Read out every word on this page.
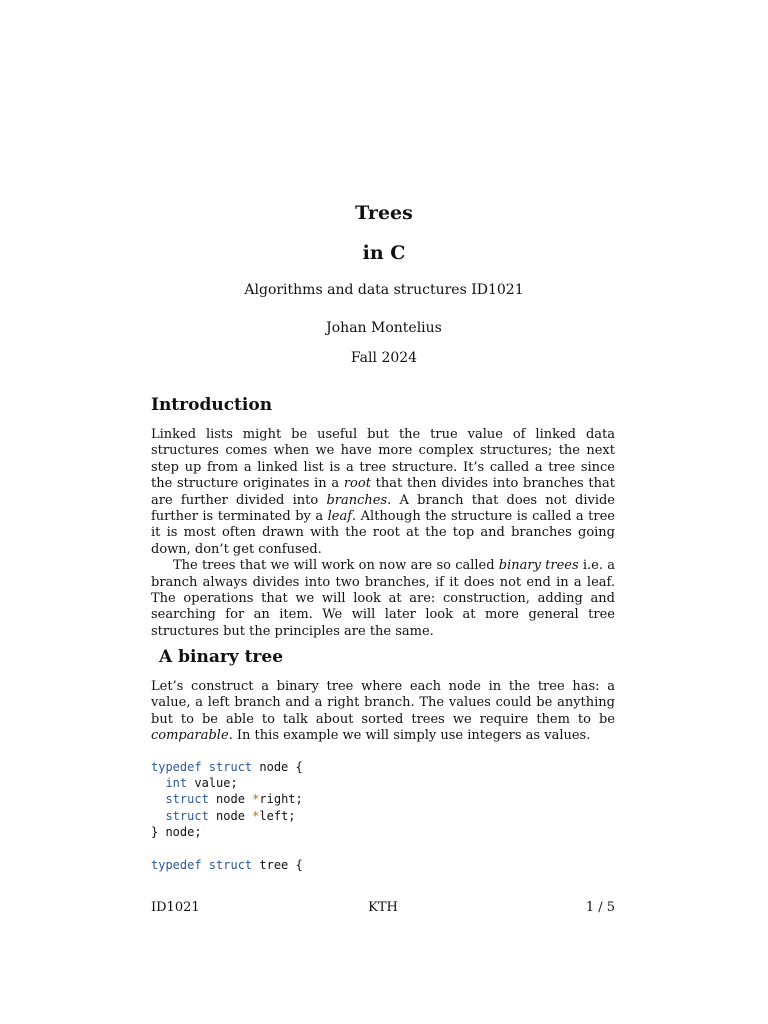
Trees
in C
Algorithms and data structures ID1021
Johan Montelius
Fall 2024
Introduction

Linked lists might be useful but the true value of linked data structures comes when we have more complex structures; the next step up from a linked list is a tree structure. It’s called a tree since the structure originates in a root that then divides into branches that are further divided into branches. A branch that does not divide further is terminated by a leaf. Although the structure is called a tree it is most often drawn with the root at the top and branches going down, don’t get confused.

The trees that we will work on now are so called binary trees i.e. a branch always divides into two branches, if it does not end in a leaf. The operations that we will look at are: construction, adding and searching for an item. We will later look at more general tree structures but the principles are the same.

A binary tree

Let’s construct a binary tree where each node in the tree has: a value, a left branch and a right branch. The values could be anything but to be able to talk about sorted trees we require them to be comparable. In this example we will simply use integers as values.

typedef struct node {
int value;
struct node *right;
struct node *left;
} node;

typedef struct tree {
KTH
ID1021	1 / 5
